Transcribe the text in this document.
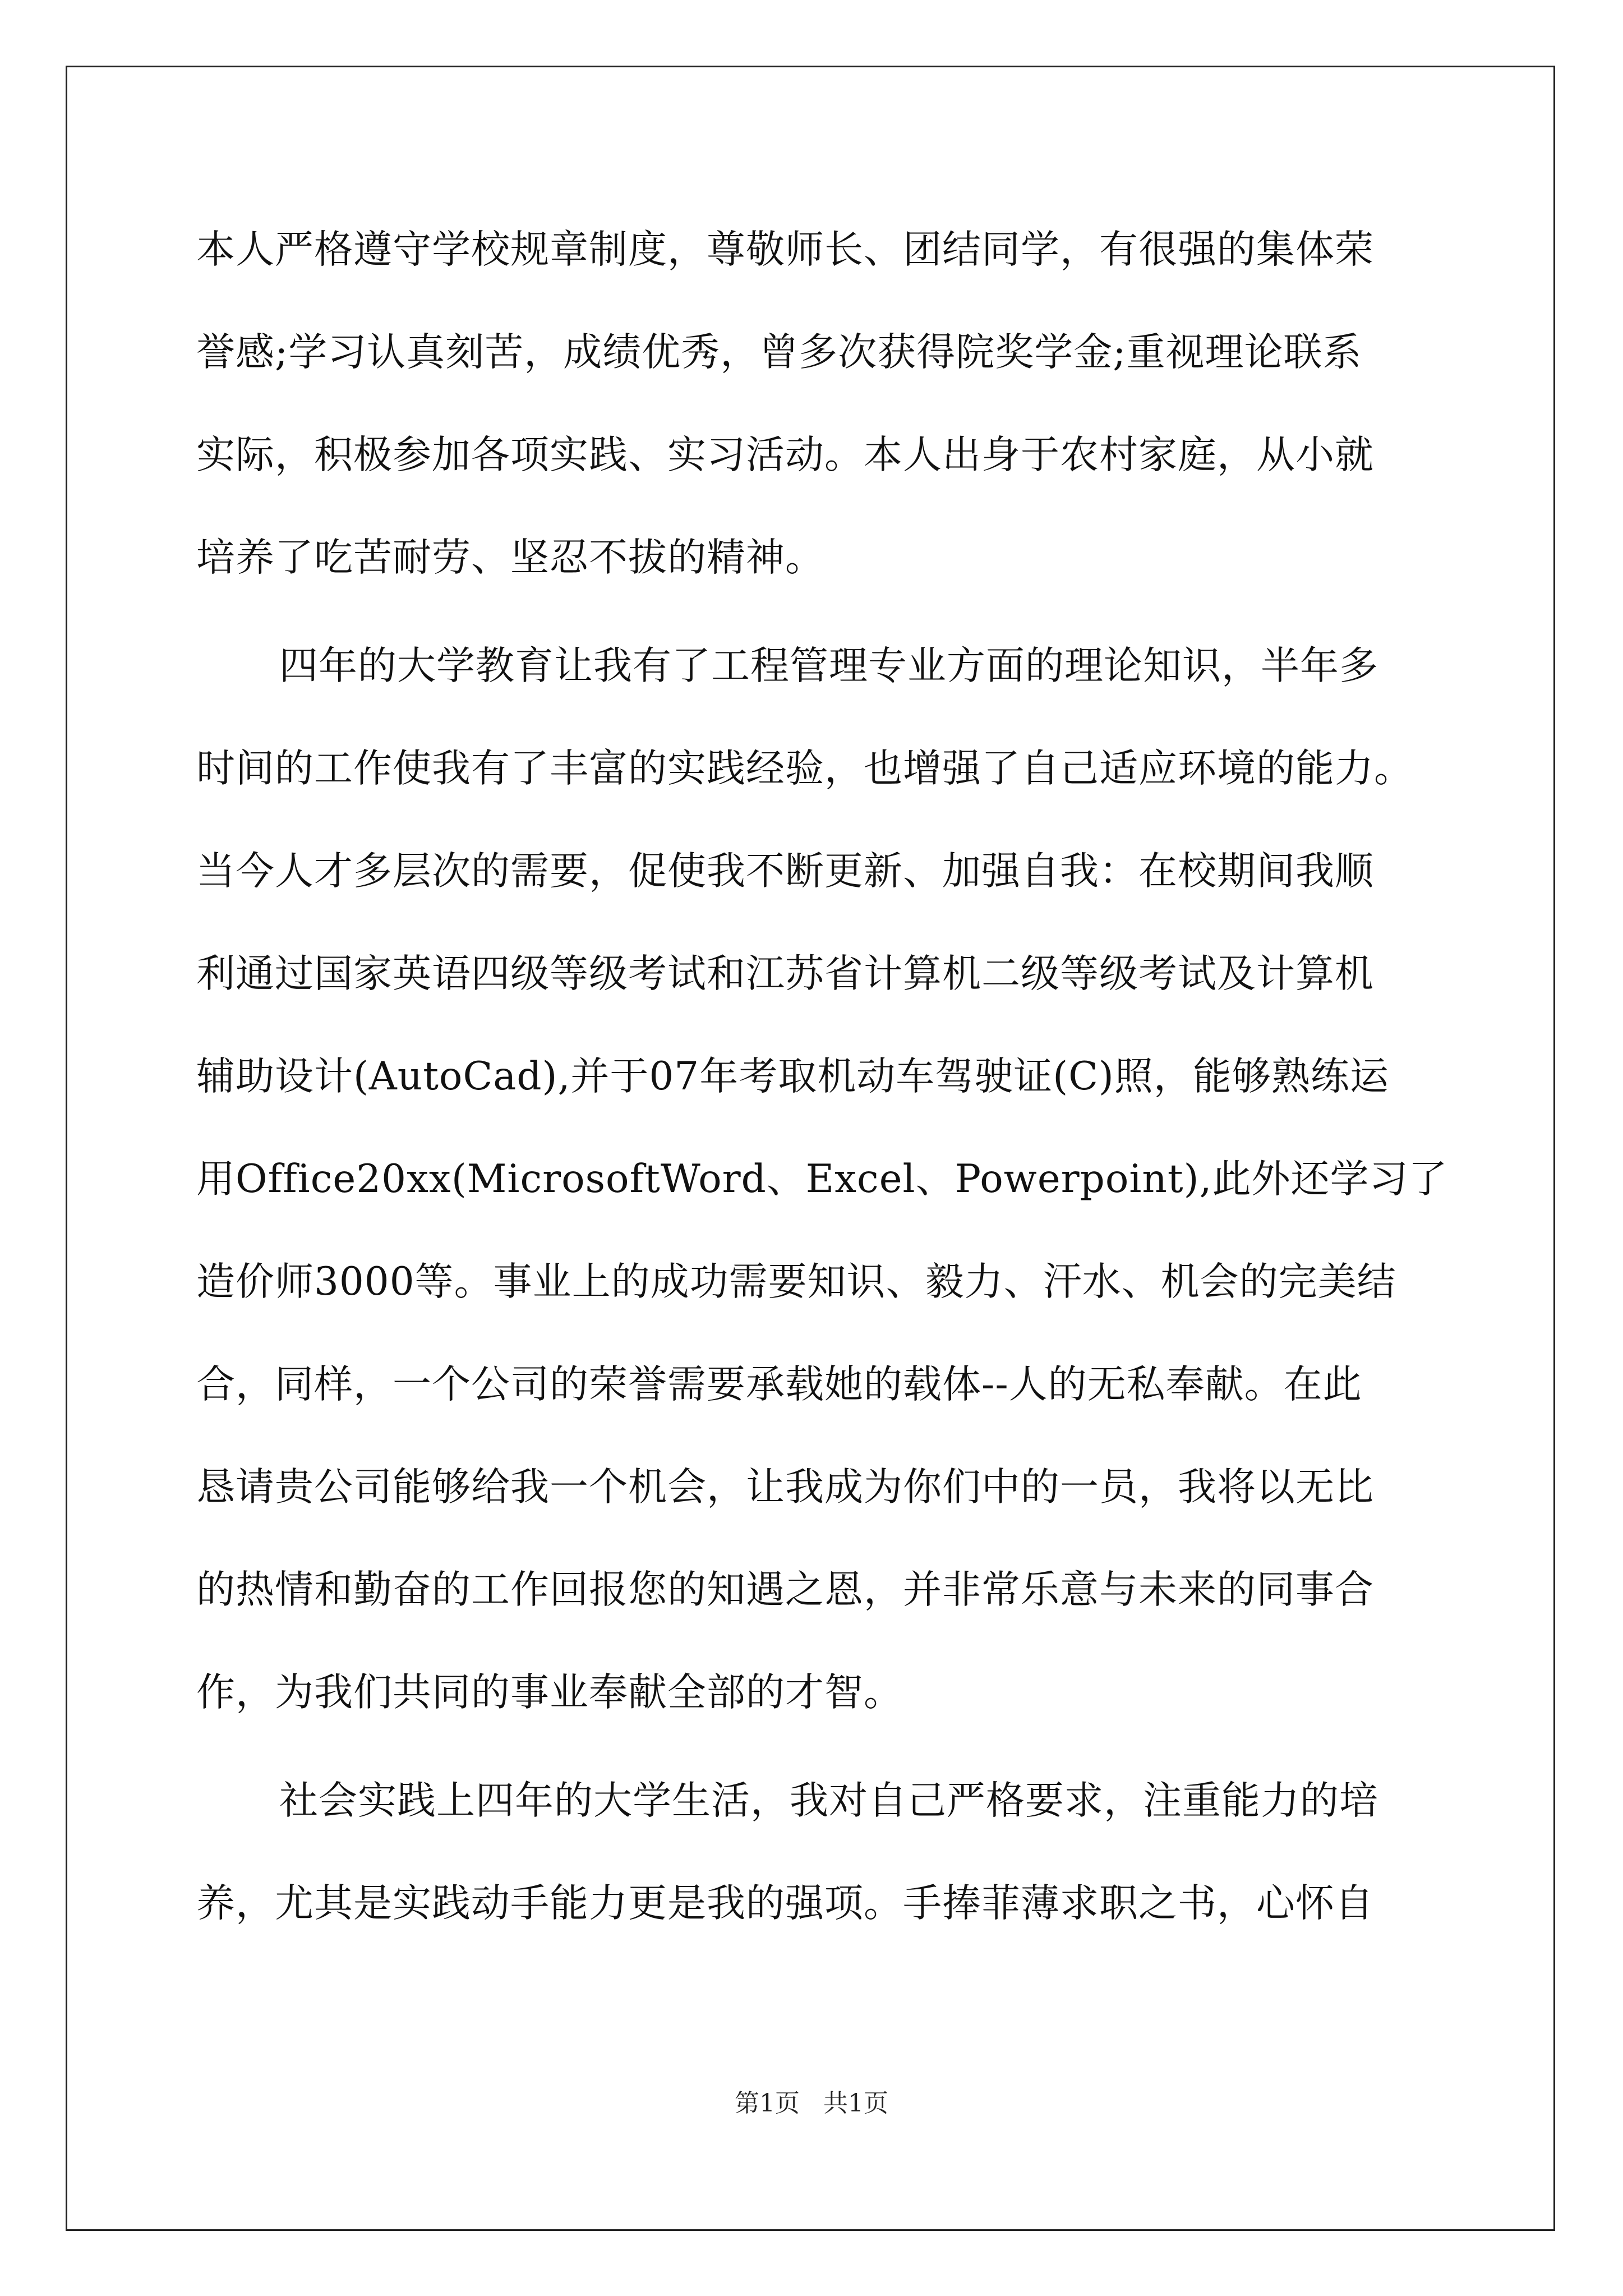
本人严格遵守学校规章制度，尊敬师长、团结同学，有很强的集体荣
誉感;学习认真刻苦，成绩优秀，曾多次获得院奖学金;重视理论联系
实际，积极参加各项实践、实习活动。本人出身于农村家庭，从小就
培养了吃苦耐劳、坚忍不拔的精神。
四年的大学教育让我有了工程管理专业方面的理论知识，半年多
时间的工作使我有了丰富的实践经验，也增强了自己适应环境的能力。
当今人才多层次的需要，促使我不断更新、加强自我：在校期间我顺
利通过国家英语四级等级考试和江苏省计算机二级等级考试及计算机
辅助设计(AutoCad),并于07年考取机动车驾驶证(C)照，能够熟练运
用Office20xx(MicrosoftWord、Excel、Powerpoint),此外还学习了
造价师3000等。事业上的成功需要知识、毅力、汗水、机会的完美结
合，同样，一个公司的荣誉需要承载她的载体--人的无私奉献。在此
恳请贵公司能够给我一个机会，让我成为你们中的一员，我将以无比
的热情和勤奋的工作回报您的知遇之恩，并非常乐意与未来的同事合
作，为我们共同的事业奉献全部的才智。
社会实践上四年的大学生活，我对自己严格要求，注重能力的培
养，尤其是实践动手能力更是我的强项。手捧菲薄求职之书，心怀自
第1页   共1页
